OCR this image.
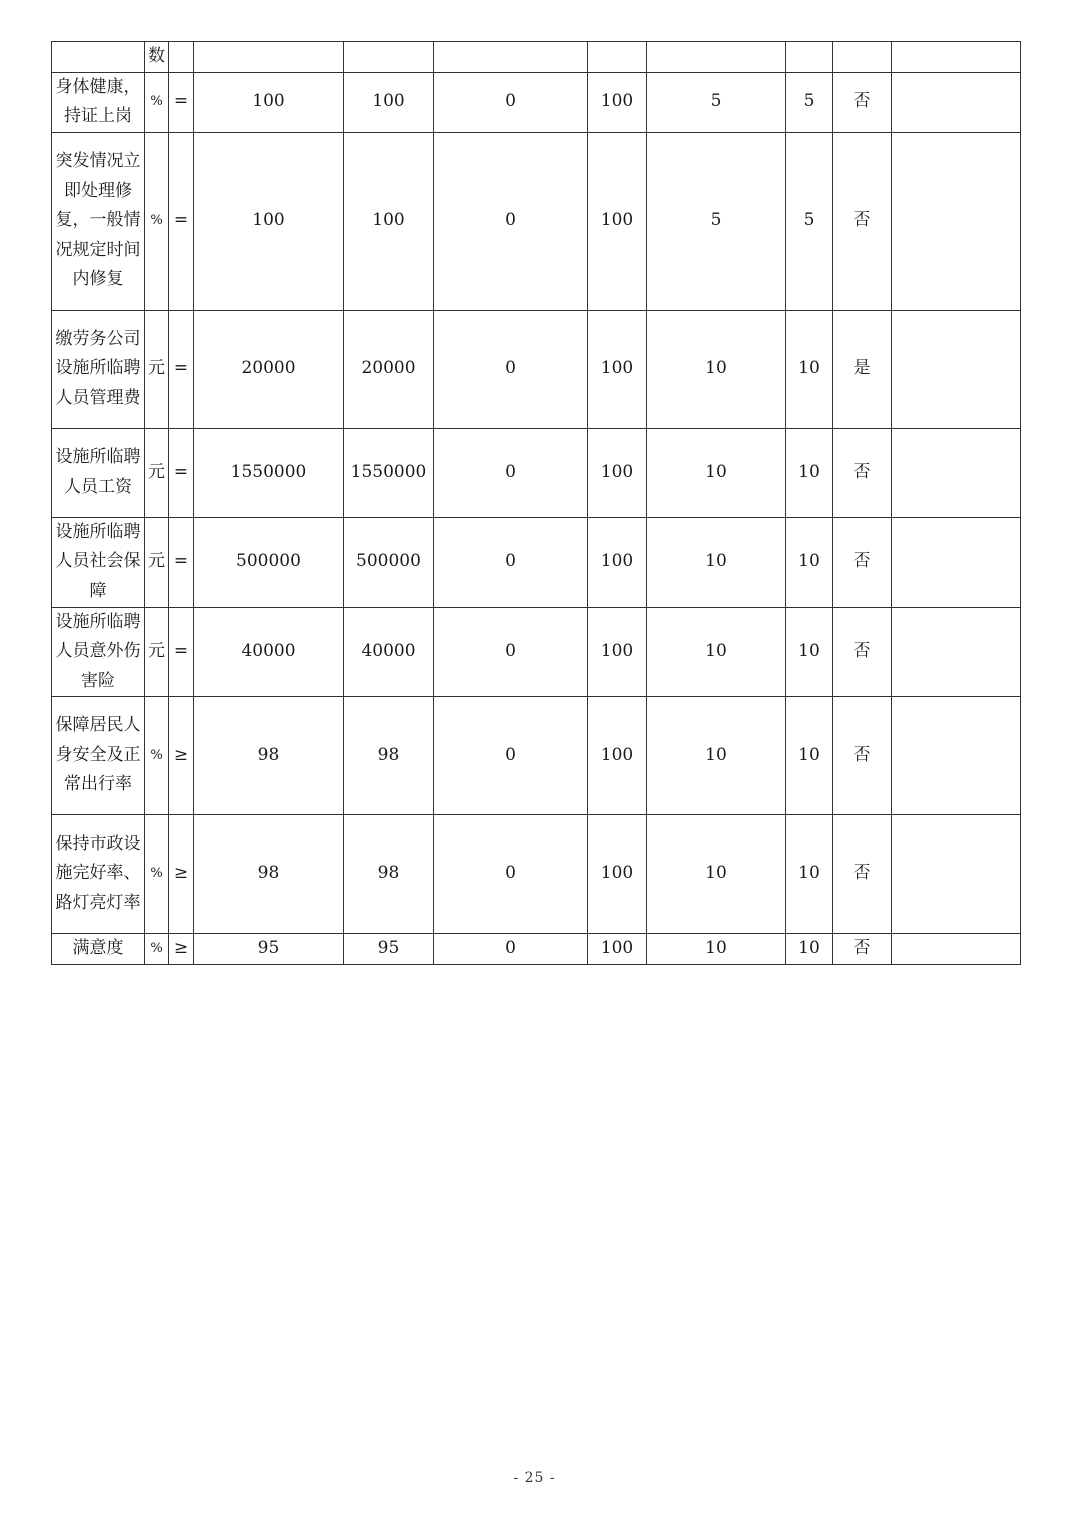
	数									
身体健康，持证上岗	%	=	100	100	0	100	5	5	否	
突发情况立即处理修复，一般情况规定时间内修复	%	=	100	100	0	100	5	5	否	
缴劳务公司设施所临聘人员管理费	元	=	20000	20000	0	100	10	10	是	
设施所临聘人员工资	元	=	1550000	1550000	0	100	10	10	否	
设施所临聘人员社会保障	元	=	500000	500000	0	100	10	10	否	
设施所临聘人员意外伤害险	元	=	40000	40000	0	100	10	10	否	
保障居民人身安全及正常出行率	%	≥	98	98	0	100	10	10	否	
保持市政设施完好率、路灯亮灯率	%	≥	98	98	0	100	10	10	否	
满意度	%	≥	95	95	0	100	10	10	否	
- 25 -
